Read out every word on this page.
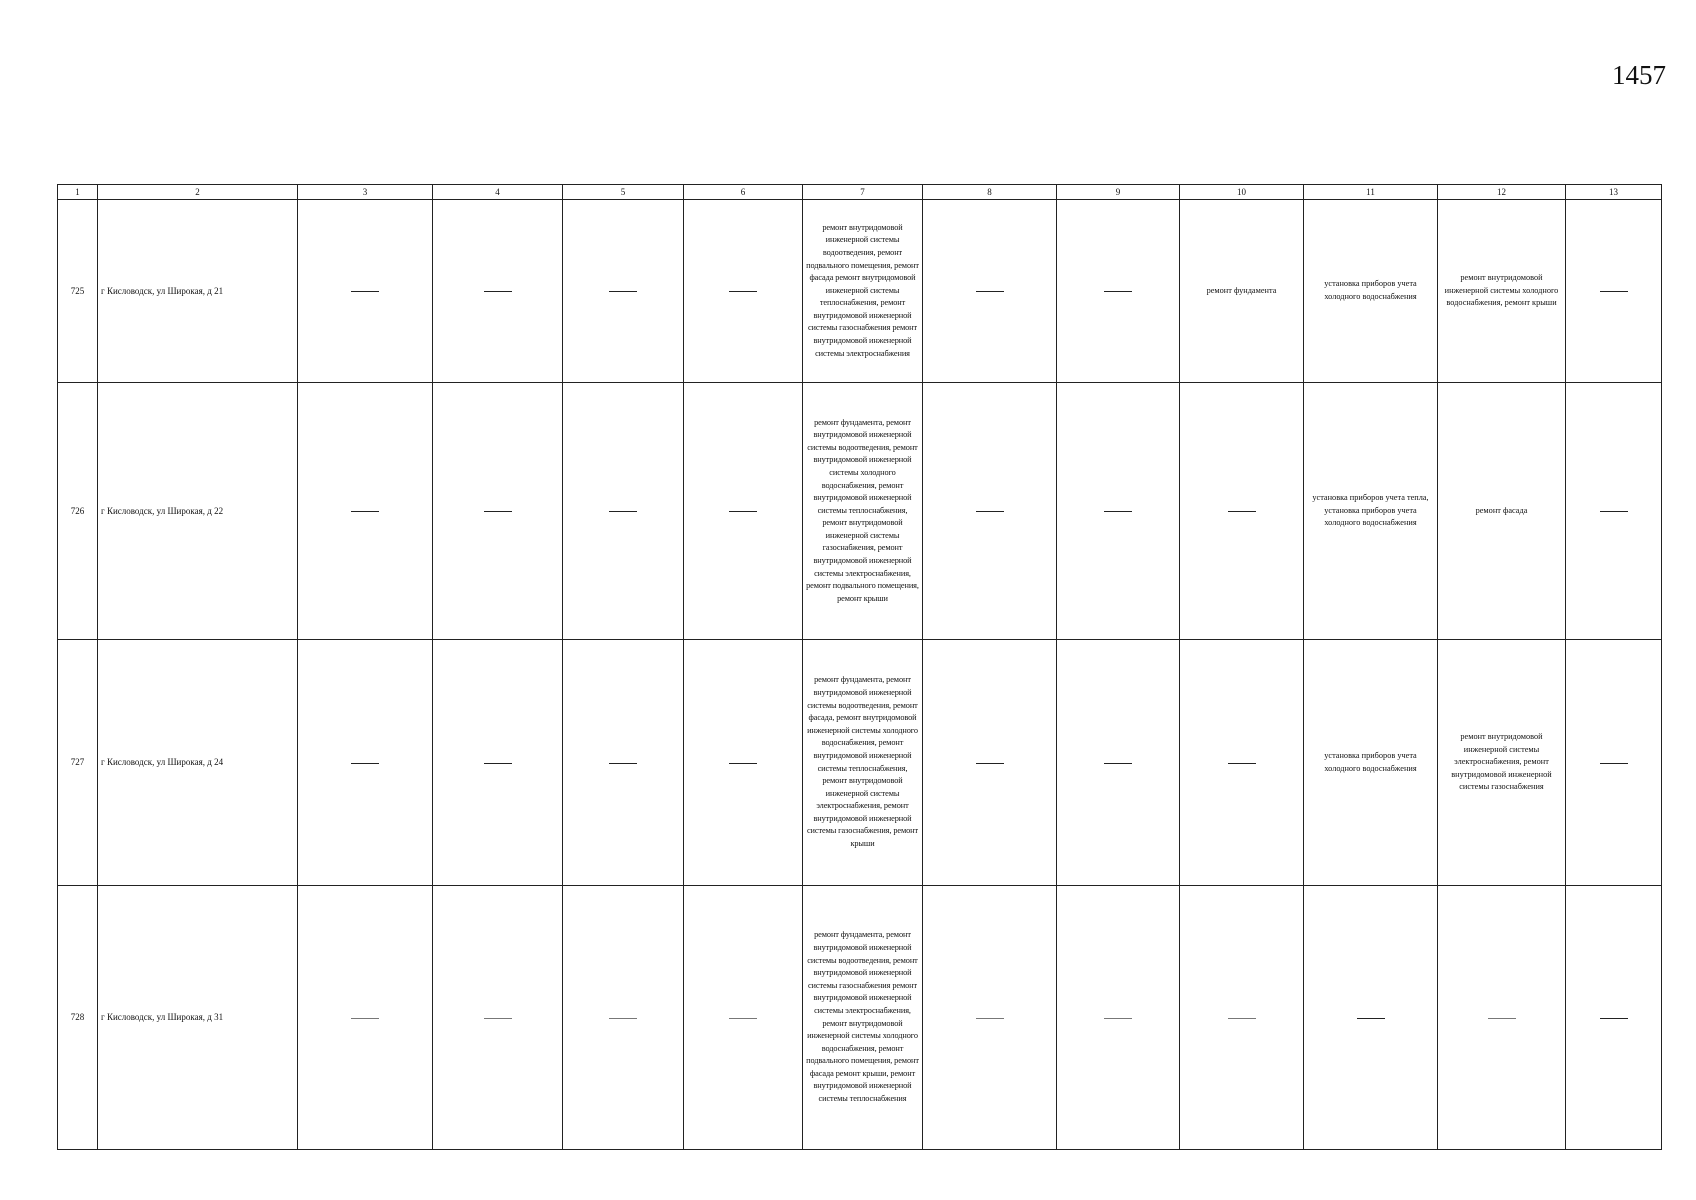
1457
1	2	3	4	5	6	7	8	9	10	11	12	13
725	г Кисловодск, ул Широкая, д 21					ремонт внутридомовой инженерной системы водоотведения, ремонт подвального помещения, ремонт фасада ремонт внутридомовой инженерной системы теплоснабжения, ремонт внутридомовой инженерной системы газоснабжения ремонт внутридомовой инженерной системы электроснабжения			ремонт фундамента	установка приборов учета холодного водоснабжения	ремонт внутридомовой инженерной системы холодного водоснабжения, ремонт крыши	
726	г Кисловодск, ул Широкая, д 22					ремонт фундамента, ремонт внутридомовой инженерной системы водоотведения, ремонт внутридомовой инженерной системы холодного водоснабжения, ремонт внутридомовой инженерной системы теплоснабжения, ремонт внутридомовой инженерной системы газоснабжения, ремонт внутридомовой инженерной системы электроснабжения, ремонт подвального помещения, ремонт крыши				установка приборов учета тепла, установка приборов учета холодного водоснабжения	ремонт фасада	
727	г Кисловодск, ул Широкая, д 24					ремонт фундамента, ремонт внутридомовой инженерной системы водоотведения, ремонт фасада, ремонт внутридомовой инженерной системы холодного водоснабжения, ремонт внутридомовой инженерной системы теплоснабжения, ремонт внутридомовой инженерной системы электроснабжения, ремонт внутридомовой инженерной системы газоснабжения, ремонт крыши				установка приборов учета холодного водоснабжения	ремонт внутридомовой инженерной системы электроснабжения, ремонт внутридомовой инженерной системы газоснабжения	
728	г Кисловодск, ул Широкая, д 31					ремонт фундамента, ремонт внутридомовой инженерной системы водоотведения, ремонт внутридомовой инженерной системы газоснабжения ремонт внутридомовой инженерной системы электроснабжения, ремонт внутридомовой инженерной системы холодного водоснабжения, ремонт подвального помещения, ремонт фасада ремонт крыши, ремонт внутридомовой инженерной системы теплоснабжения						
